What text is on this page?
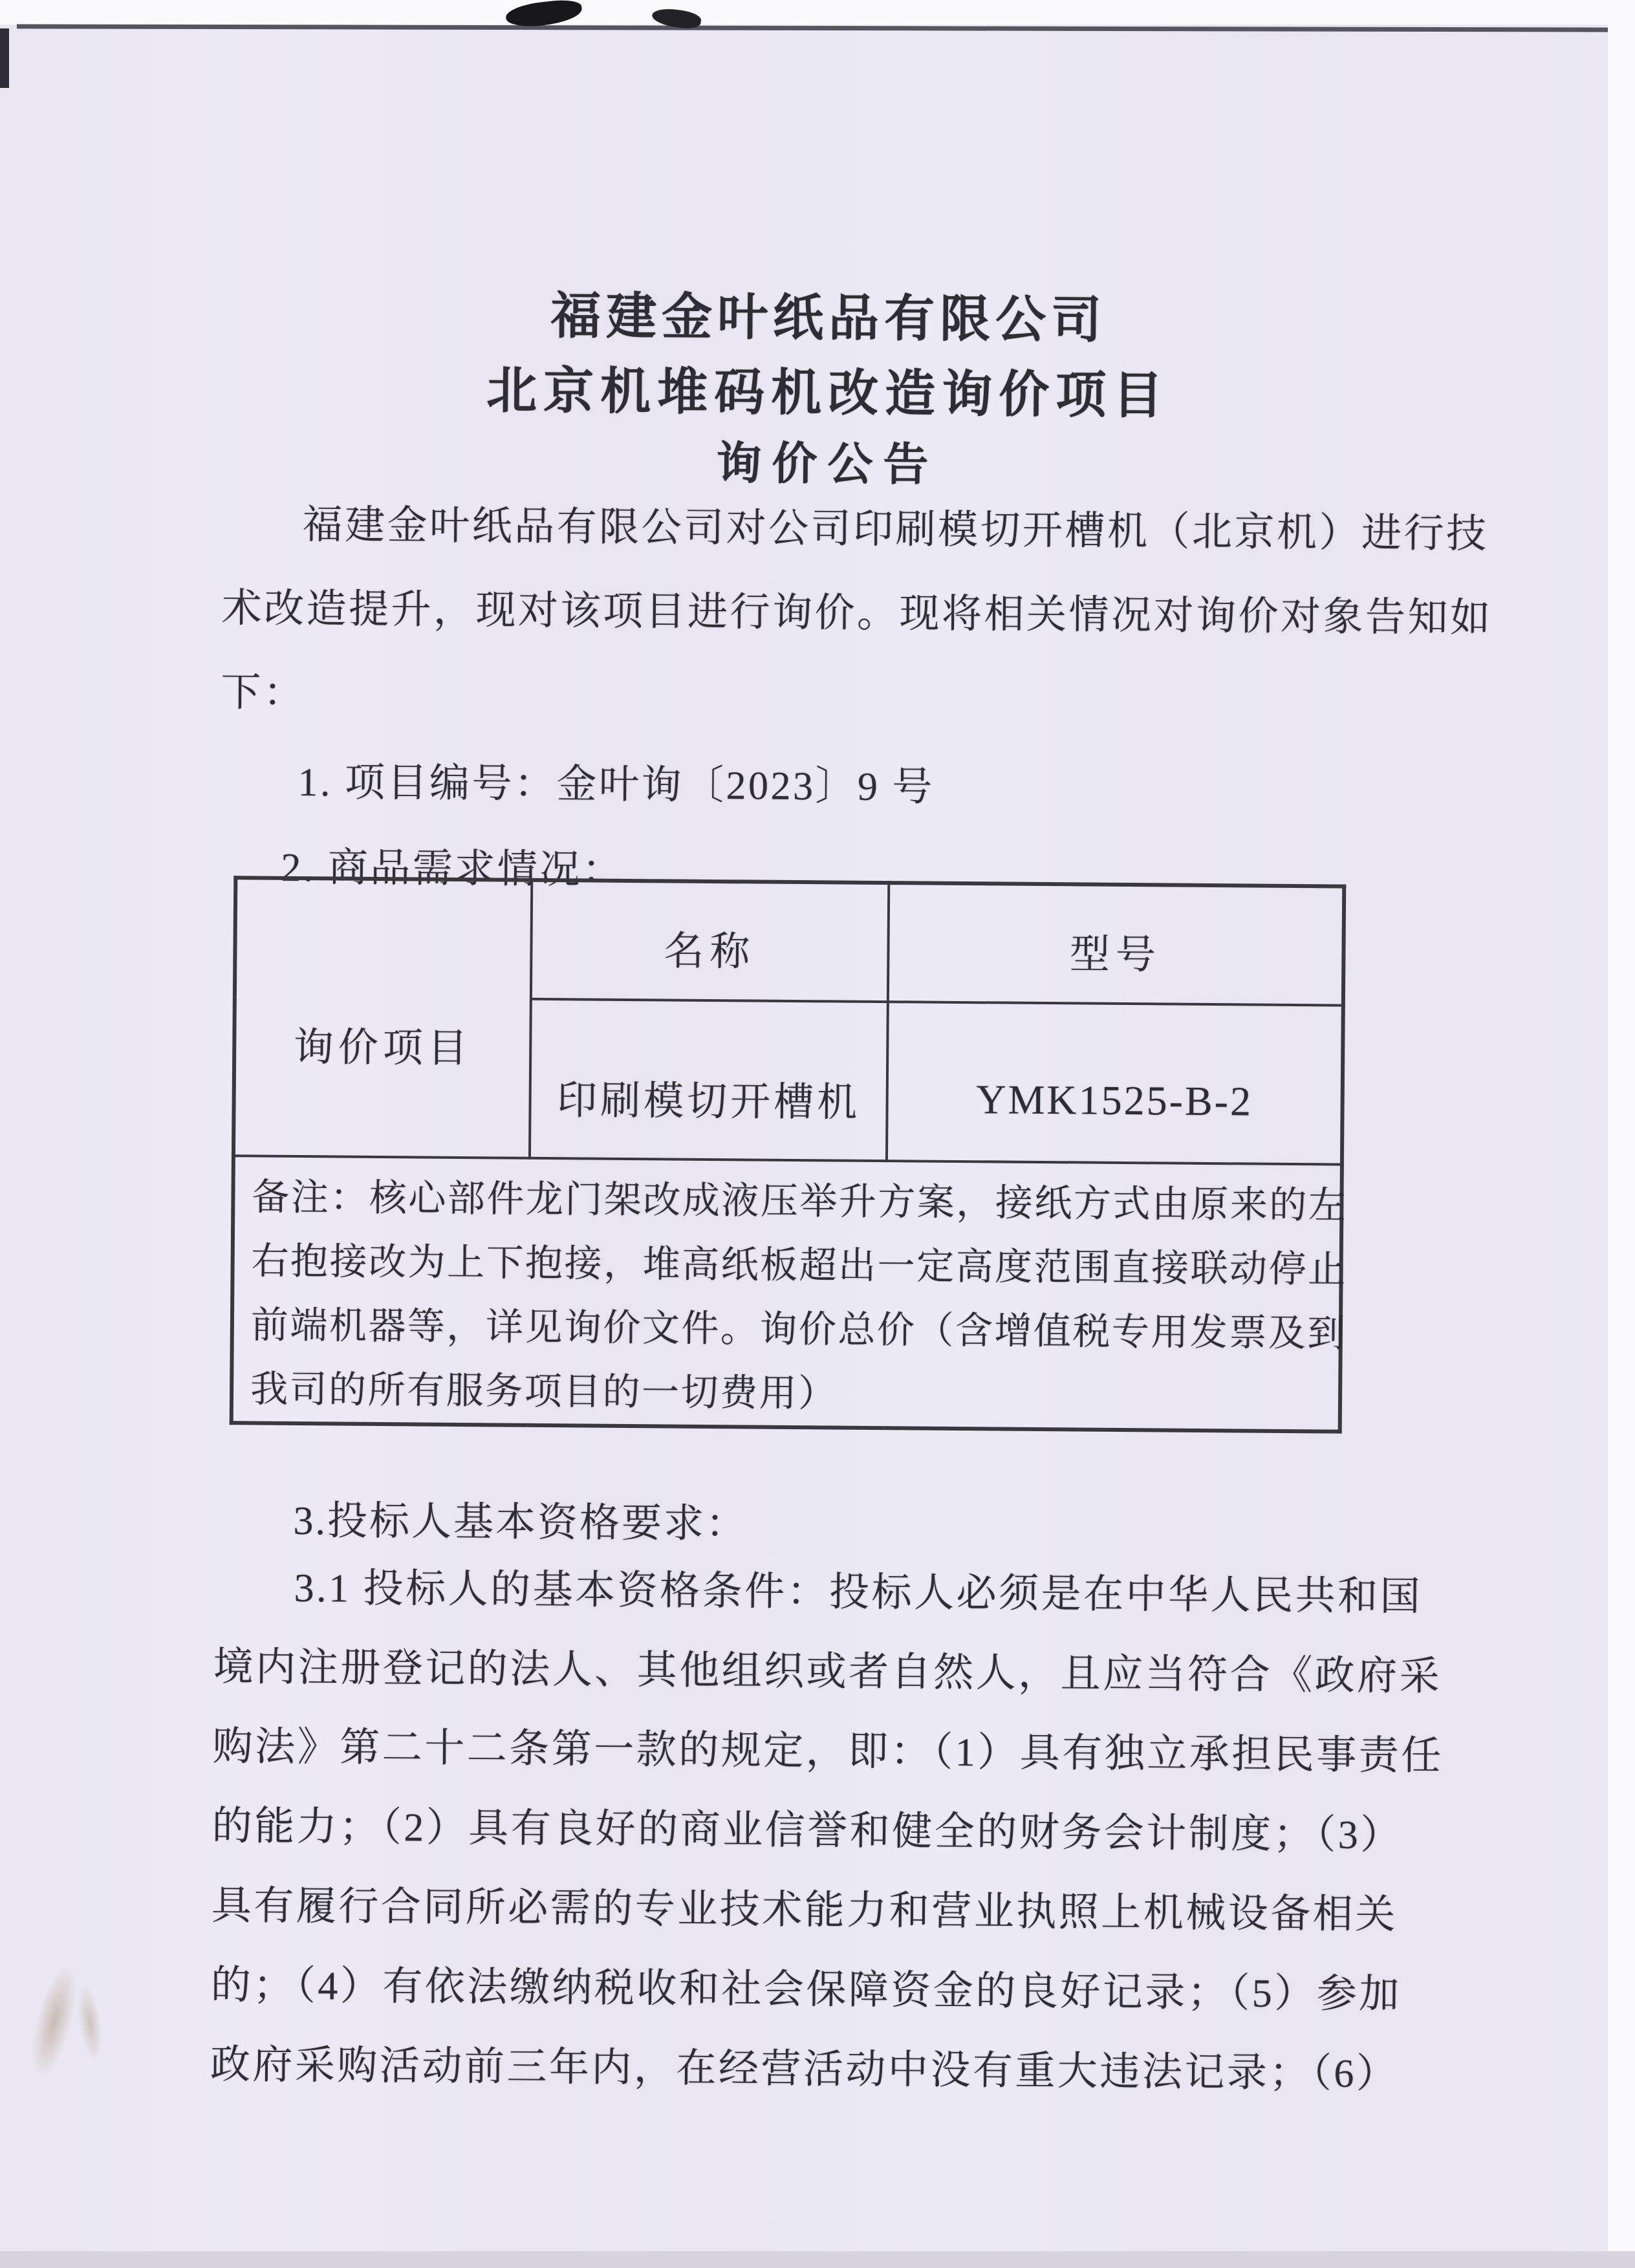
福建金叶纸品有限公司
北京机堆码机改造询价项目
询价公告
福建金叶纸品有限公司对公司印刷模切开槽机（北京机）进行技
术改造提升，现对该项目进行询价。现将相关情况对询价对象告知如
下：
1. 项目编号：金叶询〔2023〕9 号
2. 商品需求情况：
询价项目	名称	型号
	印刷模切开槽机	YMK1525-B-2

备注：核心部件龙门架改成液压举升方案，接纸方式由原来的左
右抱接改为上下抱接，堆高纸板超出一定高度范围直接联动停止
前端机器等，详见询价文件。询价总价（含增值税专用发票及到
我司的所有服务项目的一切费用）		
3.投标人基本资格要求：
3.1 投标人的基本资格条件：投标人必须是在中华人民共和国
境内注册登记的法人、其他组织或者自然人，且应当符合《政府采
购法》第二十二条第一款的规定，即：（1）具有独立承担民事责任
的能力；（2）具有良好的商业信誉和健全的财务会计制度；（3）
具有履行合同所必需的专业技术能力和营业执照上机械设备相关
的；（4）有依法缴纳税收和社会保障资金的良好记录；（5）参加
政府采购活动前三年内，在经营活动中没有重大违法记录；（6）
